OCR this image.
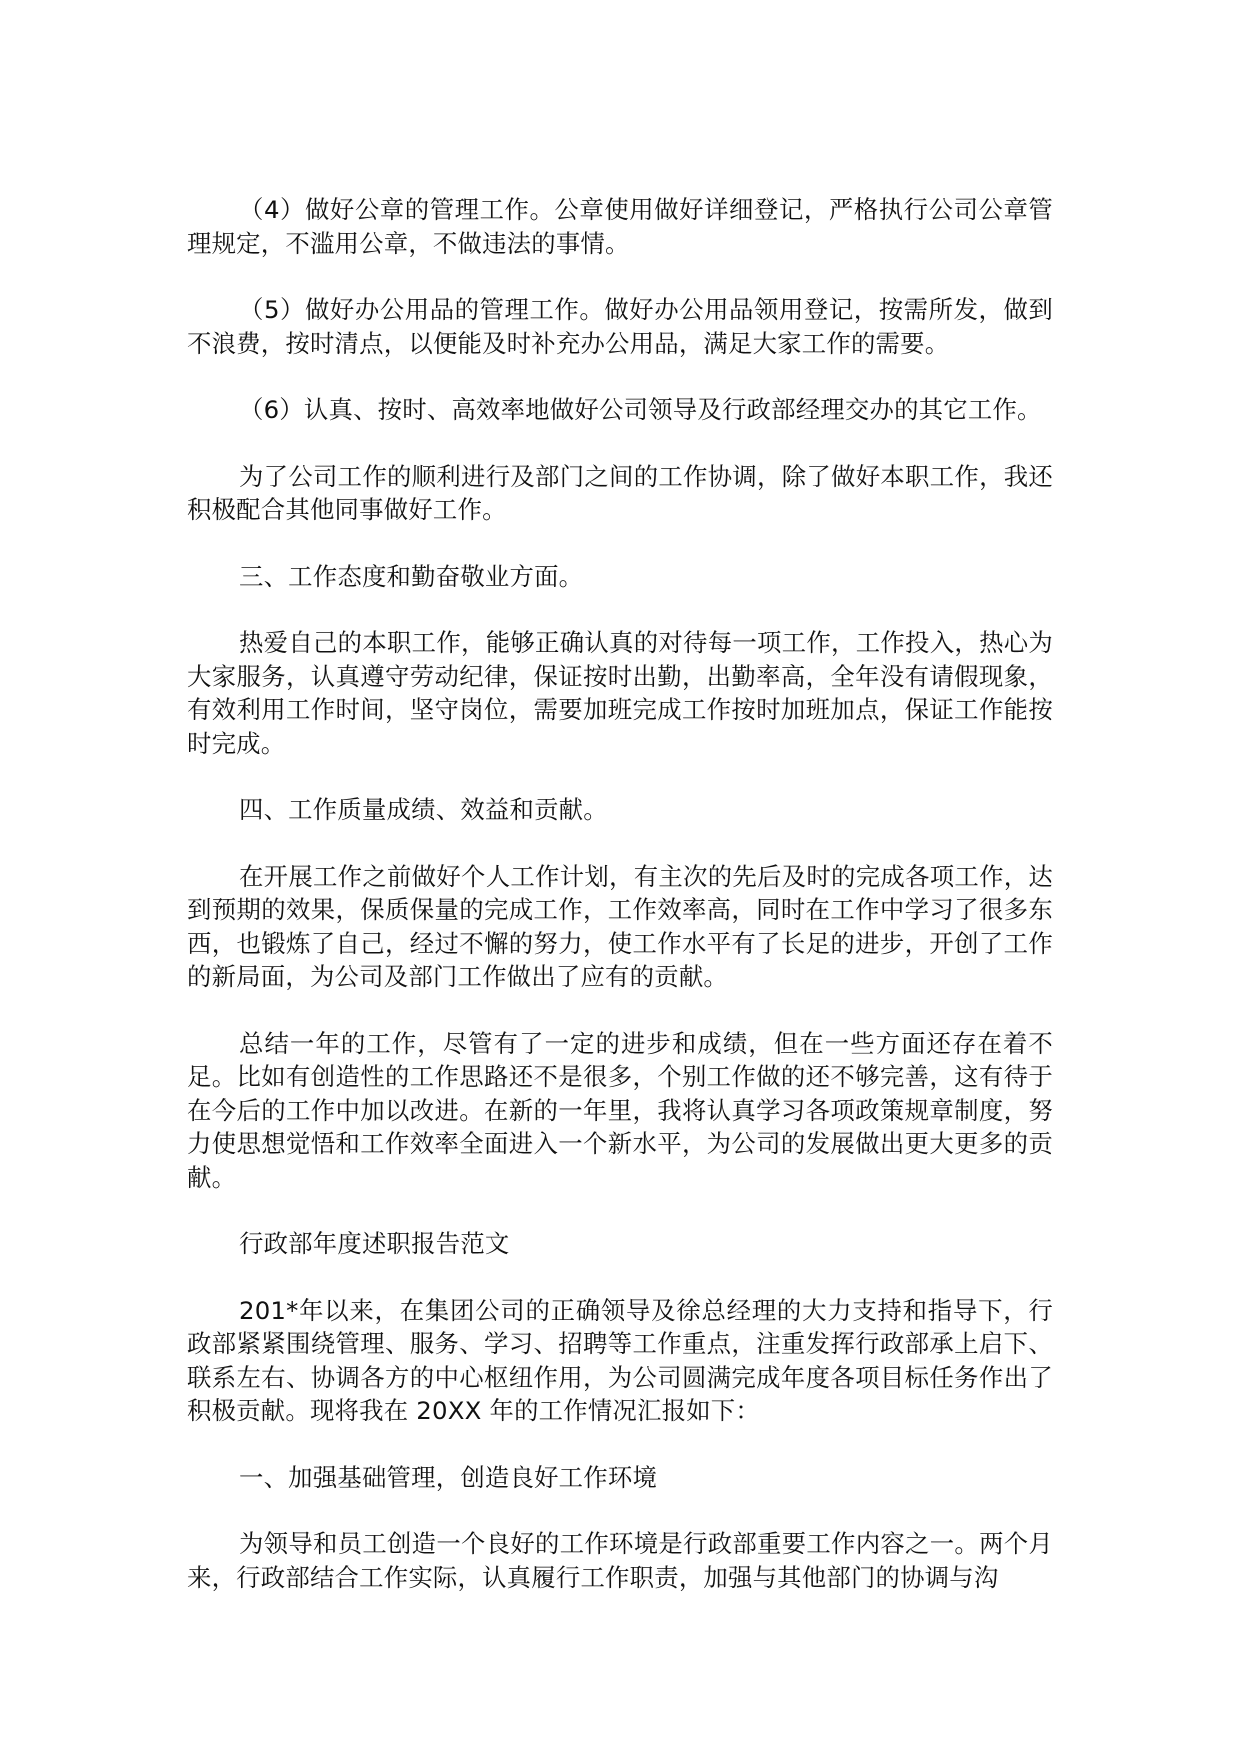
（4）做好公章的管理工作。公章使用做好详细登记，严格执行公司公章管理规定，不滥用公章，不做违法的事情。

（5）做好办公用品的管理工作。做好办公用品领用登记，按需所发，做到不浪费，按时清点，以便能及时补充办公用品，满足大家工作的需要。

（6）认真、按时、高效率地做好公司领导及行政部经理交办的其它工作。

为了公司工作的顺利进行及部门之间的工作协调，除了做好本职工作，我还积极配合其他同事做好工作。

三、工作态度和勤奋敬业方面。

热爱自己的本职工作，能够正确认真的对待每一项工作，工作投入，热心为大家服务，认真遵守劳动纪律，保证按时出勤，出勤率高，全年没有请假现象，有效利用工作时间，坚守岗位，需要加班完成工作按时加班加点，保证工作能按时完成。

四、工作质量成绩、效益和贡献。

在开展工作之前做好个人工作计划，有主次的先后及时的完成各项工作，达到预期的效果，保质保量的完成工作，工作效率高，同时在工作中学习了很多东西，也锻炼了自己，经过不懈的努力，使工作水平有了长足的进步，开创了工作的新局面，为公司及部门工作做出了应有的贡献。

总结一年的工作，尽管有了一定的进步和成绩，但在一些方面还存在着不足。比如有创造性的工作思路还不是很多，个别工作做的还不够完善，这有待于在今后的工作中加以改进。在新的一年里，我将认真学习各项政策规章制度，努力使思想觉悟和工作效率全面进入一个新水平，为公司的发展做出更大更多的贡献。

行政部年度述职报告范文

201*年以来，在集团公司的正确领导及徐总经理的大力支持和指导下，行政部紧紧围绕管理、服务、学习、招聘等工作重点，注重发挥行政部承上启下、联系左右、协调各方的中心枢纽作用，为公司圆满完成年度各项目标任务作出了积极贡献。现将我在 20XX 年的工作情况汇报如下：

一、加强基础管理，创造良好工作环境

为领导和员工创造一个良好的工作环境是行政部重要工作内容之一。两个月来，行政部结合工作实际，认真履行工作职责，加强与其他部门的协调与沟
